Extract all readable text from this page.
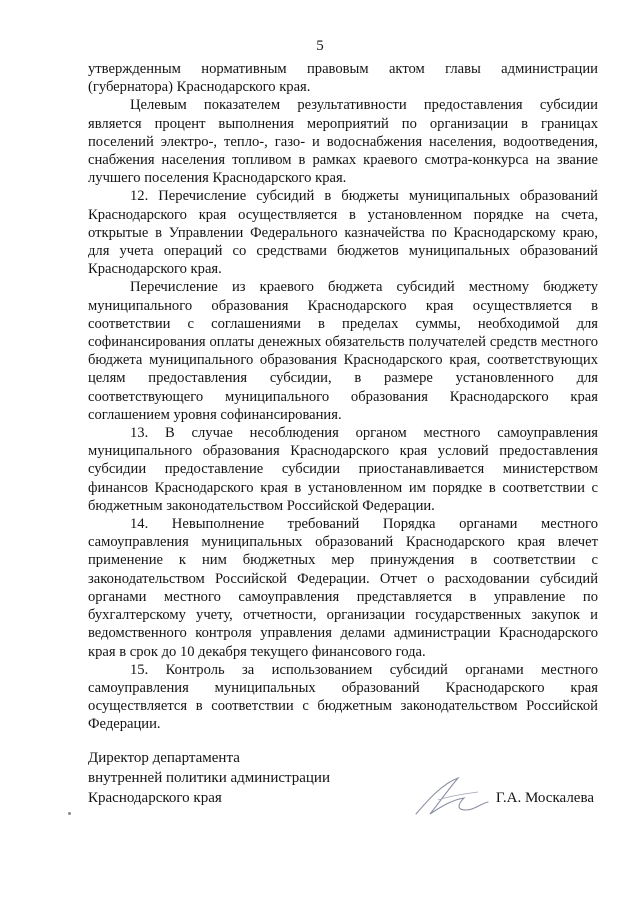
5

утвержденным нормативным правовым актом главы администрации (губернатора) Краснодарского края.

Целевым показателем результативности предоставления субсидии является процент выполнения мероприятий по организации в границах поселений электро-, тепло-, газо- и водоснабжения населения, водоотведения, снабжения населения топливом в рамках краевого смотра-конкурса на звание лучшего поселения Краснодарского края.

12. Перечисление субсидий в бюджеты муниципальных образований Краснодарского края осуществляется в установленном порядке на счета, открытые в Управлении Федерального казначейства по Краснодарскому краю, для учета операций со средствами бюджетов муниципальных образований Краснодарского края.

Перечисление из краевого бюджета субсидий местному бюджету муниципального образования Краснодарского края осуществляется в соответствии с соглашениями в пределах суммы, необходимой для софинансирования оплаты денежных обязательств получателей средств местного бюджета муниципального образования Краснодарского края, соответствующих целям предоставления субсидии, в размере установленного для соответствующего муниципального образования Краснодарского края соглашением уровня софинансирования.

13. В случае несоблюдения органом местного самоуправления муниципального образования Краснодарского края условий предоставления субсидии предоставление субсидии приостанавливается министерством финансов Краснодарского края в установленном им порядке в соответствии с бюджетным законодательством Российской Федерации.

14. Невыполнение требований Порядка органами местного самоуправления муниципальных образований Краснодарского края влечет применение к ним бюджетных мер принуждения в соответствии с законодательством Российской Федерации. Отчет о расходовании субсидий органами местного самоуправления представляется в управление по бухгалтерскому учету, отчетности, организации государственных закупок и ведомственного контроля управления делами администрации Краснодарского края в срок до 10 декабря текущего финансового года.

15. Контроль за использованием субсидий органами местного самоуправления муниципальных образований Краснодарского края осуществляется в соответствии с бюджетным законодательством Российской Федерации.

Директор департамента
внутренней политики администрации
Краснодарского края	Г.А. Москалева
